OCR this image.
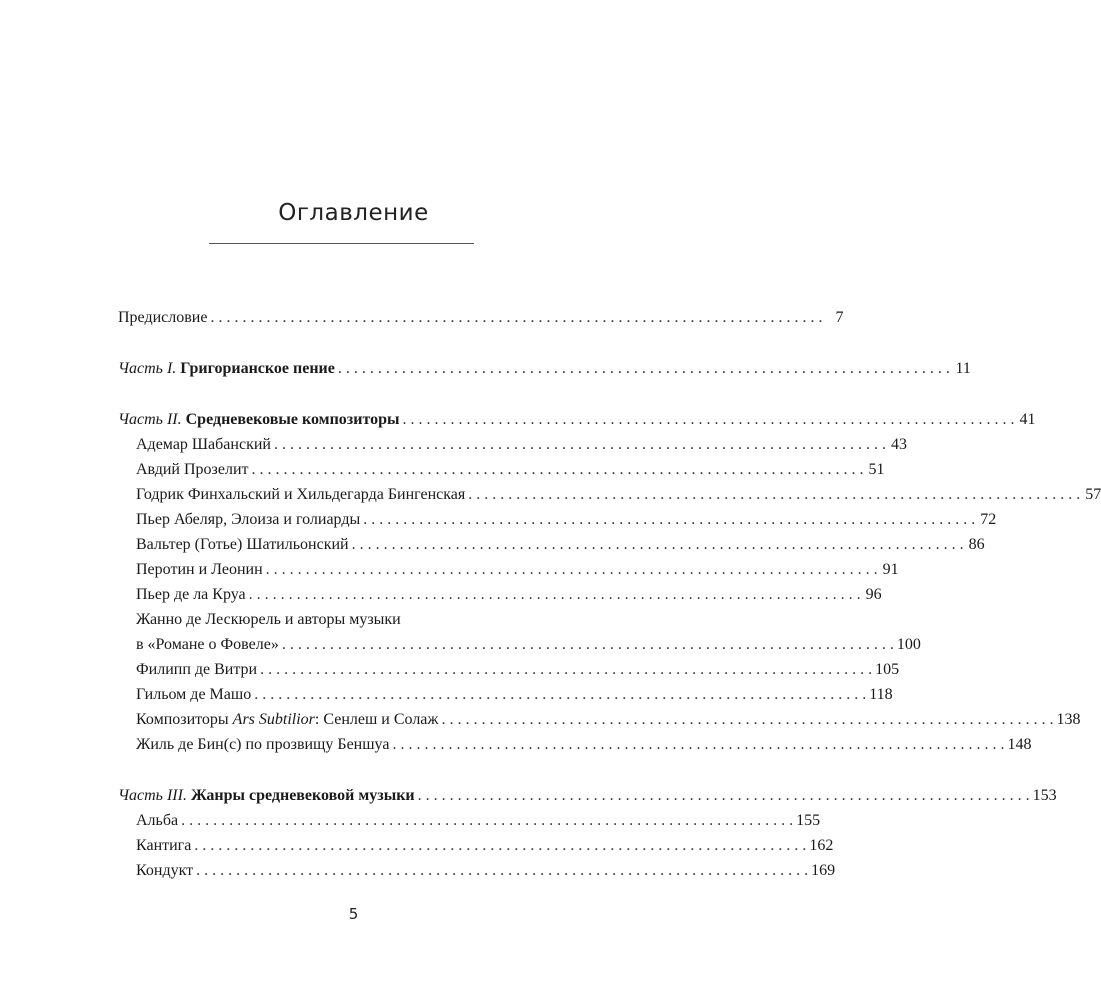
Оглавление
Предисловие . . .	7
Часть I. Григорианское пение . . .	11
Часть II. Средневековые композиторы . . .	41
Адемар Шабанский . . .	43
Авдий Прозелит . . .	51
Годрик Финхальский и Хильдегарда Бингенская . . .	57
Пьер Абеляр, Элоиза и голиарды . . .	72
Вальтер (Готье) Шатильонский . . .	86
Перотин и Леонин . . .	91
Пьер де ла Круа . . .	96
Жанно де Лескюрель и авторы музыки
в «Романе о Фовеле» . . .	100
Филипп де Витри . . .	105
Гильом де Машо . . .	118
Композиторы Ars Subtilior: Сенлеш и Солаж . . .	138
Жиль де Бин(с) по прозвищу Беншуа . . .	148
Часть III. Жанры средневековой музыки . . .	153
Альба . . .	155
Кантига . . .	162
Кондукт . . .	169
5
